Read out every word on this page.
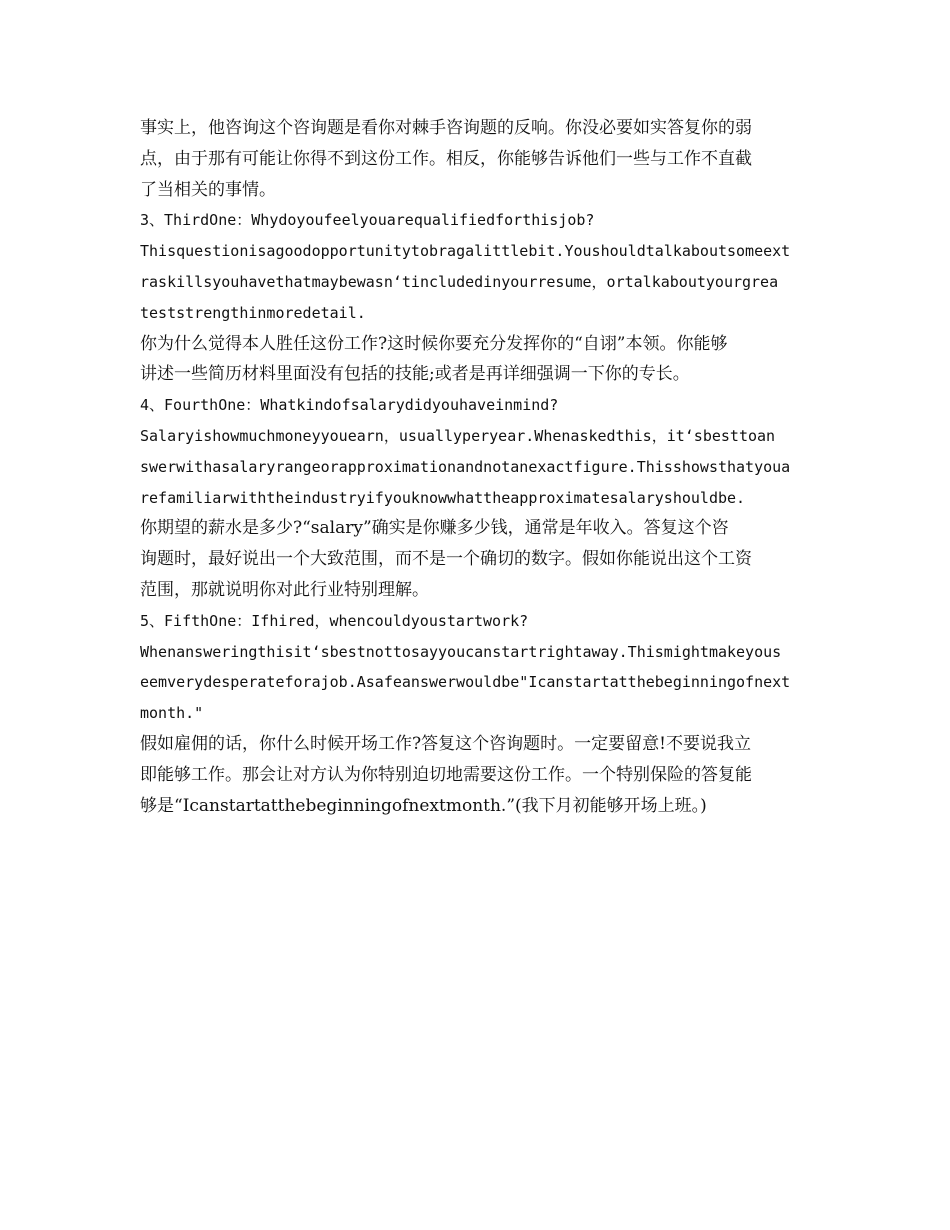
事实上，他咨询这个咨询题是看你对棘手咨询题的反响。你没必要如实答复你的弱
点，由于那有可能让你得不到这份工作。相反，你能够告诉他们一些与工作不直截
了当相关的事情。
3、ThirdOne：Whydoyoufeelyouarequalifiedforthisjob?
Thisquestionisagoodopportunitytobragalittlebit.Youshouldtalkaboutsomeext
raskillsyouhavethatmaybewasn‘tincludedinyourresume，ortalkaboutyourgrea
teststrengthinmoredetail.
你为什么觉得本人胜任这份工作?这时候你要充分发挥你的“自诩”本领。你能够
讲述一些简历材料里面没有包括的技能;或者是再详细强调一下你的专长。
4、FourthOne：Whatkindofsalarydidyouhaveinmind?
Salaryishowmuchmoneyyouearn，usuallyperyear.Whenaskedthis，it‘sbesttoan
swerwithasalaryrangeorapproximationandnotanexactfigure.Thisshowsthatyoua
refamiliarwiththeindustryifyouknowwhattheapproximatesalaryshouldbe.
你期望的薪水是多少?“salary”确实是你赚多少钱，通常是年收入。答复这个咨
询题时，最好说出一个大致范围，而不是一个确切的数字。假如你能说出这个工资
范围，那就说明你对此行业特别理解。
5、FifthOne：Ifhired，whencouldyoustartwork?
Whenansweringthisit‘sbestnottosayyoucanstartrightaway.Thismightmakeyous
eemverydesperateforajob.Asafeanswerwouldbe"Icanstartatthebeginningofnext
month."
假如雇佣的话，你什么时候开场工作?答复这个咨询题时。一定要留意!不要说我立
即能够工作。那会让对方认为你特别迫切地需要这份工作。一个特别保险的答复能
够是“Icanstartatthebeginningofnextmonth.”(我下月初能够开场上班。)
